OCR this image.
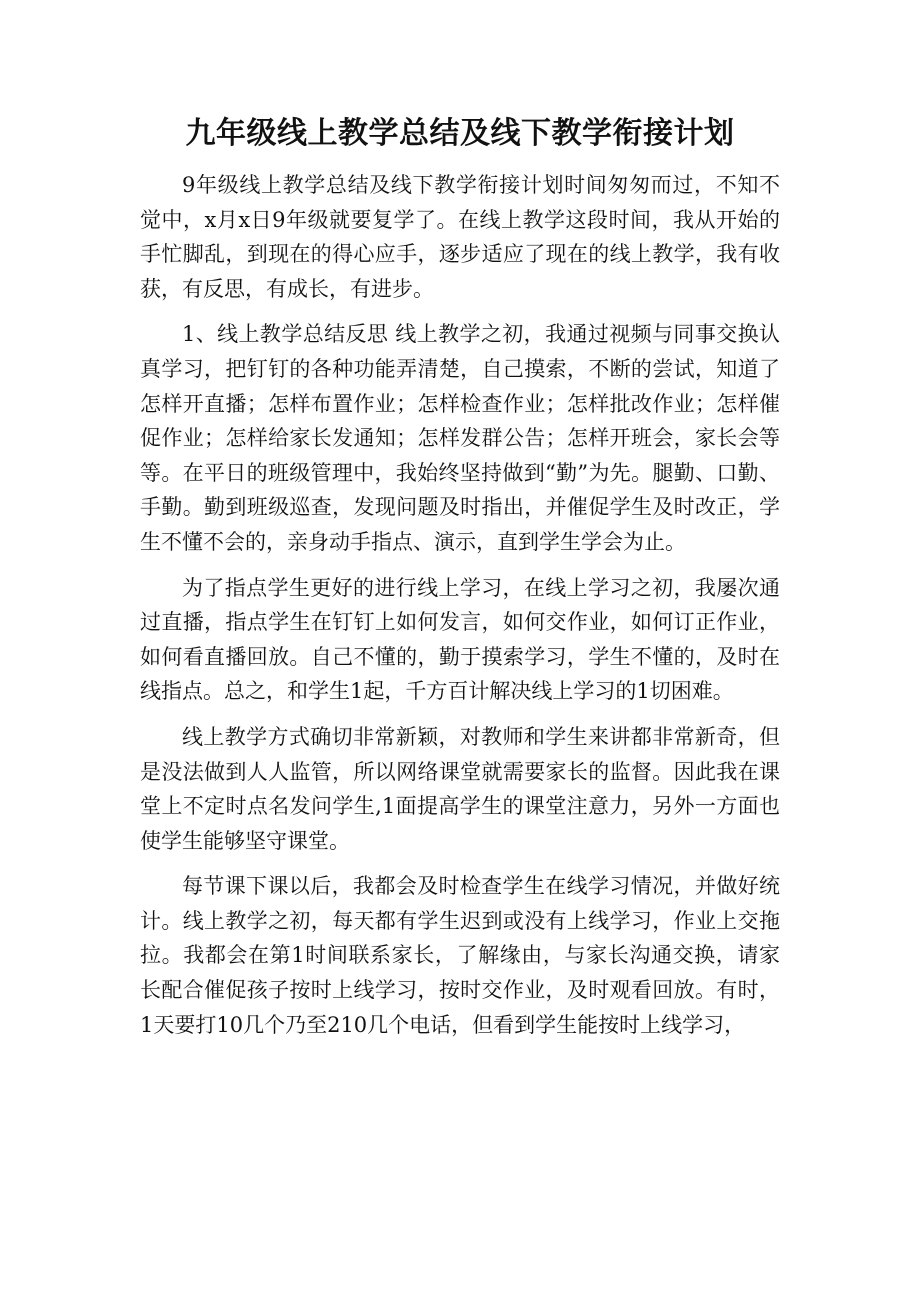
九年级线上教学总结及线下教学衔接计划

9年级线上教学总结及线下教学衔接计划时间匆匆而过，不知不觉中，x月x日9年级就要复学了。在线上教学这段时间，我从开始的手忙脚乱，到现在的得心应手，逐步适应了现在的线上教学，我有收获，有反思，有成长，有进步。

1、线上教学总结反思 线上教学之初，我通过视频与同事交换认真学习，把钉钉的各种功能弄清楚，自己摸索，不断的尝试，知道了怎样开直播；怎样布置作业；怎样检查作业；怎样批改作业；怎样催促作业；怎样给家长发通知；怎样发群公告；怎样开班会，家长会等等。在平日的班级管理中，我始终坚持做到“勤”为先。腿勤、口勤、手勤。勤到班级巡查，发现问题及时指出，并催促学生及时改正，学生不懂不会的，亲身动手指点、演示，直到学生学会为止。

为了指点学生更好的进行线上学习，在线上学习之初，我屡次通过直播，指点学生在钉钉上如何发言，如何交作业，如何订正作业，如何看直播回放。自己不懂的，勤于摸索学习，学生不懂的，及时在线指点。总之，和学生1起，千方百计解决线上学习的1切困难。

线上教学方式确切非常新颖，对教师和学生来讲都非常新奇，但是没法做到人人监管，所以网络课堂就需要家长的监督。因此我在课堂上不定时点名发问学生,1面提高学生的课堂注意力，另外一方面也使学生能够坚守课堂。

每节课下课以后，我都会及时检查学生在线学习情况，并做好统计。线上教学之初，每天都有学生迟到或没有上线学习，作业上交拖拉。我都会在第1时间联系家长，了解缘由，与家长沟通交换，请家长配合催促孩子按时上线学习，按时交作业，及时观看回放。有时，1天要打10几个乃至210几个电话，但看到学生能按时上线学习，
